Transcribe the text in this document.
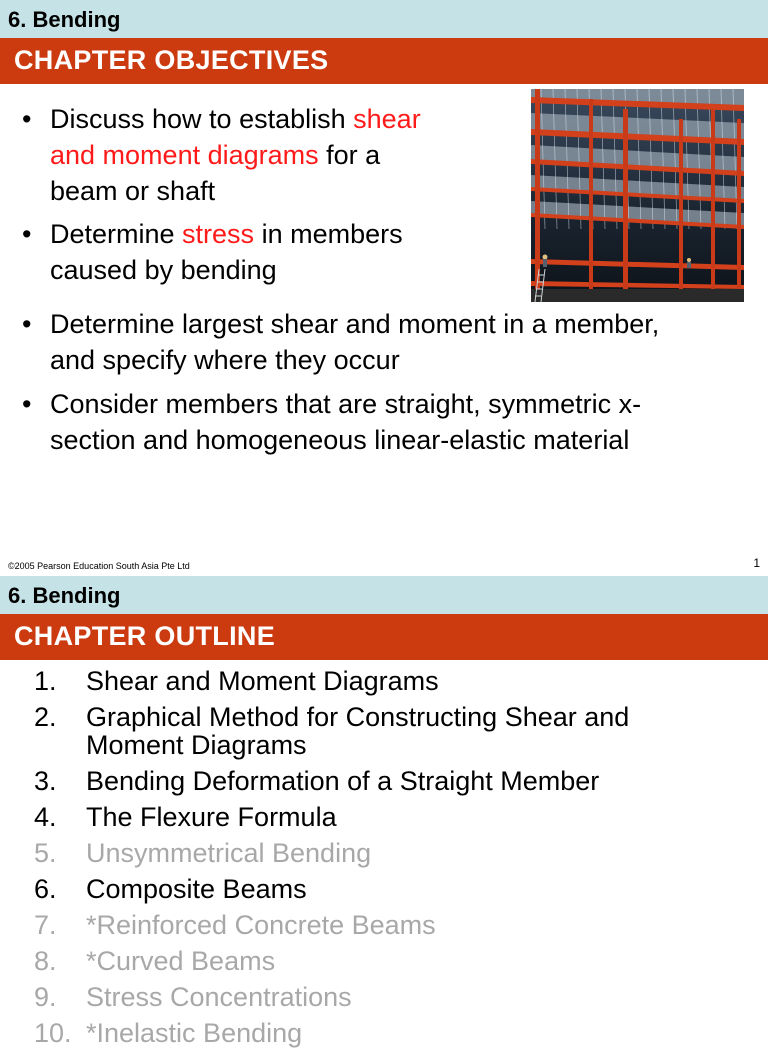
6. Bending
CHAPTER OBJECTIVES
• Discuss how to establish shear
and moment diagrams for a
beam or shaft
• Determine stress in members
caused by bending
• Determine largest shear and moment in a member,
and specify where they occur
• Consider members that are straight, symmetric x-
section and homogeneous linear-elastic material
©2005 Pearson Education South Asia Pte Ltd	1
6. Bending
CHAPTER OUTLINE
1.	Shear and Moment Diagrams
2.	Graphical Method for Constructing Shear and
Moment Diagrams
3.	Bending Deformation of a Straight Member
4.	The Flexure Formula
5.	Unsymmetrical Bending
6.	Composite Beams
7.	*Reinforced Concrete Beams
8.	*Curved Beams
9.	Stress Concentrations
10. *Inelastic Bending
